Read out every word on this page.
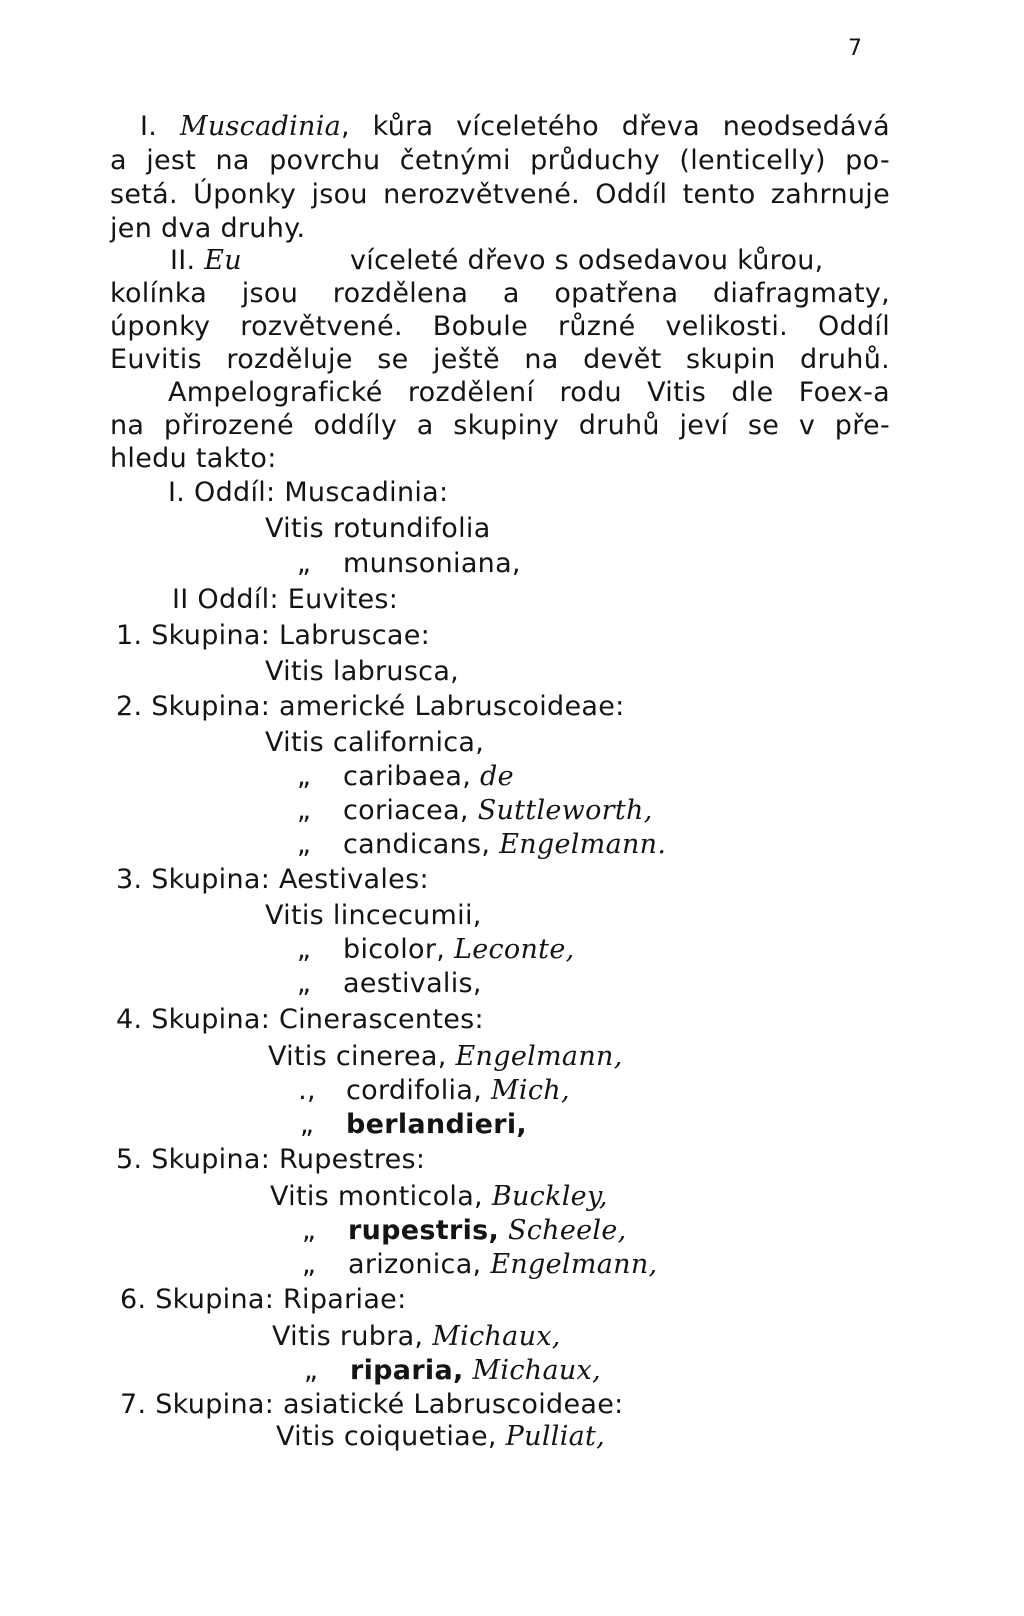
7
I. Muscadinia, kůra víceletého dřeva neodsedává
a jest na povrchu četnými průduchy (lenticelly) po-
setá. Úponky jsou nerozvětvené. Oddíl tento zahrnuje
jen dva druhy.
II. Eu	víceleté dřevo s odsedavou kůrou,
kolínka jsou rozdělena a opatřena diafragmaty,
úponky rozvětvené. Bobule různé velikosti. Oddíl
Euvitis rozděluje se ještě na devět skupin druhů.
Ampelografické rozdělení rodu Vitis dle Foex-a
na přirozené oddíly a skupiny druhů jeví se v pře-
hledu takto:
I. Oddíl: Muscadinia:
Vitis rotundifolia
„ munsoniana,
II Oddíl: Euvites:
1. Skupina: Labruscae:
Vitis labrusca,
2. Skupina: americké Labruscoideae:
Vitis californica,
„ caribaea, de
„ coriacea, Suttleworth,
„ candicans, Engelmann.
3. Skupina: Aestivales:
Vitis lincecumii,
„ bicolor, Leconte,
„ aestivalis,
4. Skupina: Cinerascentes:
Vitis cinerea, Engelmann,
., cordifolia, Mich,
„ berlandieri,
5. Skupina: Rupestres:
Vitis monticola, Buckley,
„ rupestris, Scheele,
„ arizonica, Engelmann,
6. Skupina: Ripariae:
Vitis rubra, Michaux,
„ riparia, Michaux,
7. Skupina: asiatické Labruscoideae:
Vitis coiquetiae, Pulliat,
